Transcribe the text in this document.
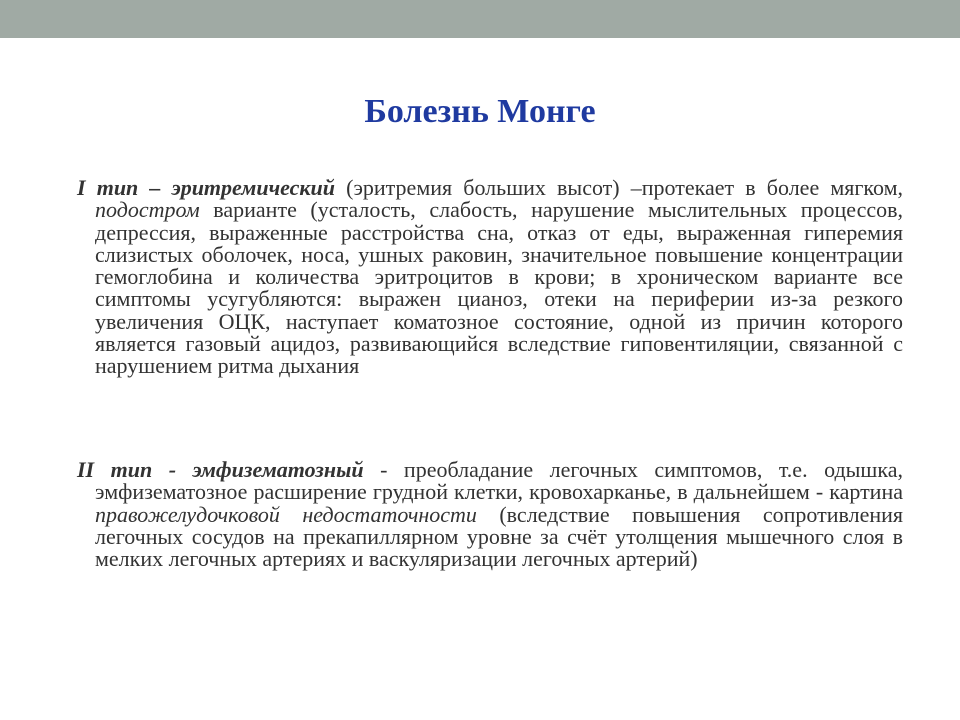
Болезнь Монге

I тип – эритремический (эритремия больших высот) –протекает в более мягком, подостром варианте (усталость, слабость, нарушение мыслительных процессов, депрессия, выраженные расстройства сна, отказ от еды, выраженная гиперемия слизистых оболочек, носа, ушных раковин, значительное повышение концентрации гемоглобина и количества эритроцитов в крови; в хроническом варианте все симптомы усугубляются: выражен цианоз, отеки на периферии из-за резкого увеличения ОЦК, наступает коматозное состояние, одной из причин которого является газовый ацидоз, развивающийся вследствие гиповентиляции, связанной с нарушением ритма дыхания

II тип - эмфизематозный - преобладание легочных симптомов, т.е. одышка, эмфизематозное расширение грудной клетки, кровохарканье, в дальнейшем - картина правожелудочковой недостаточности (вследствие повышения сопротивления легочных сосудов на прекапиллярном уровне за счёт утолщения мышечного слоя в мелких легочных артериях и васкуляризации легочных артерий)
